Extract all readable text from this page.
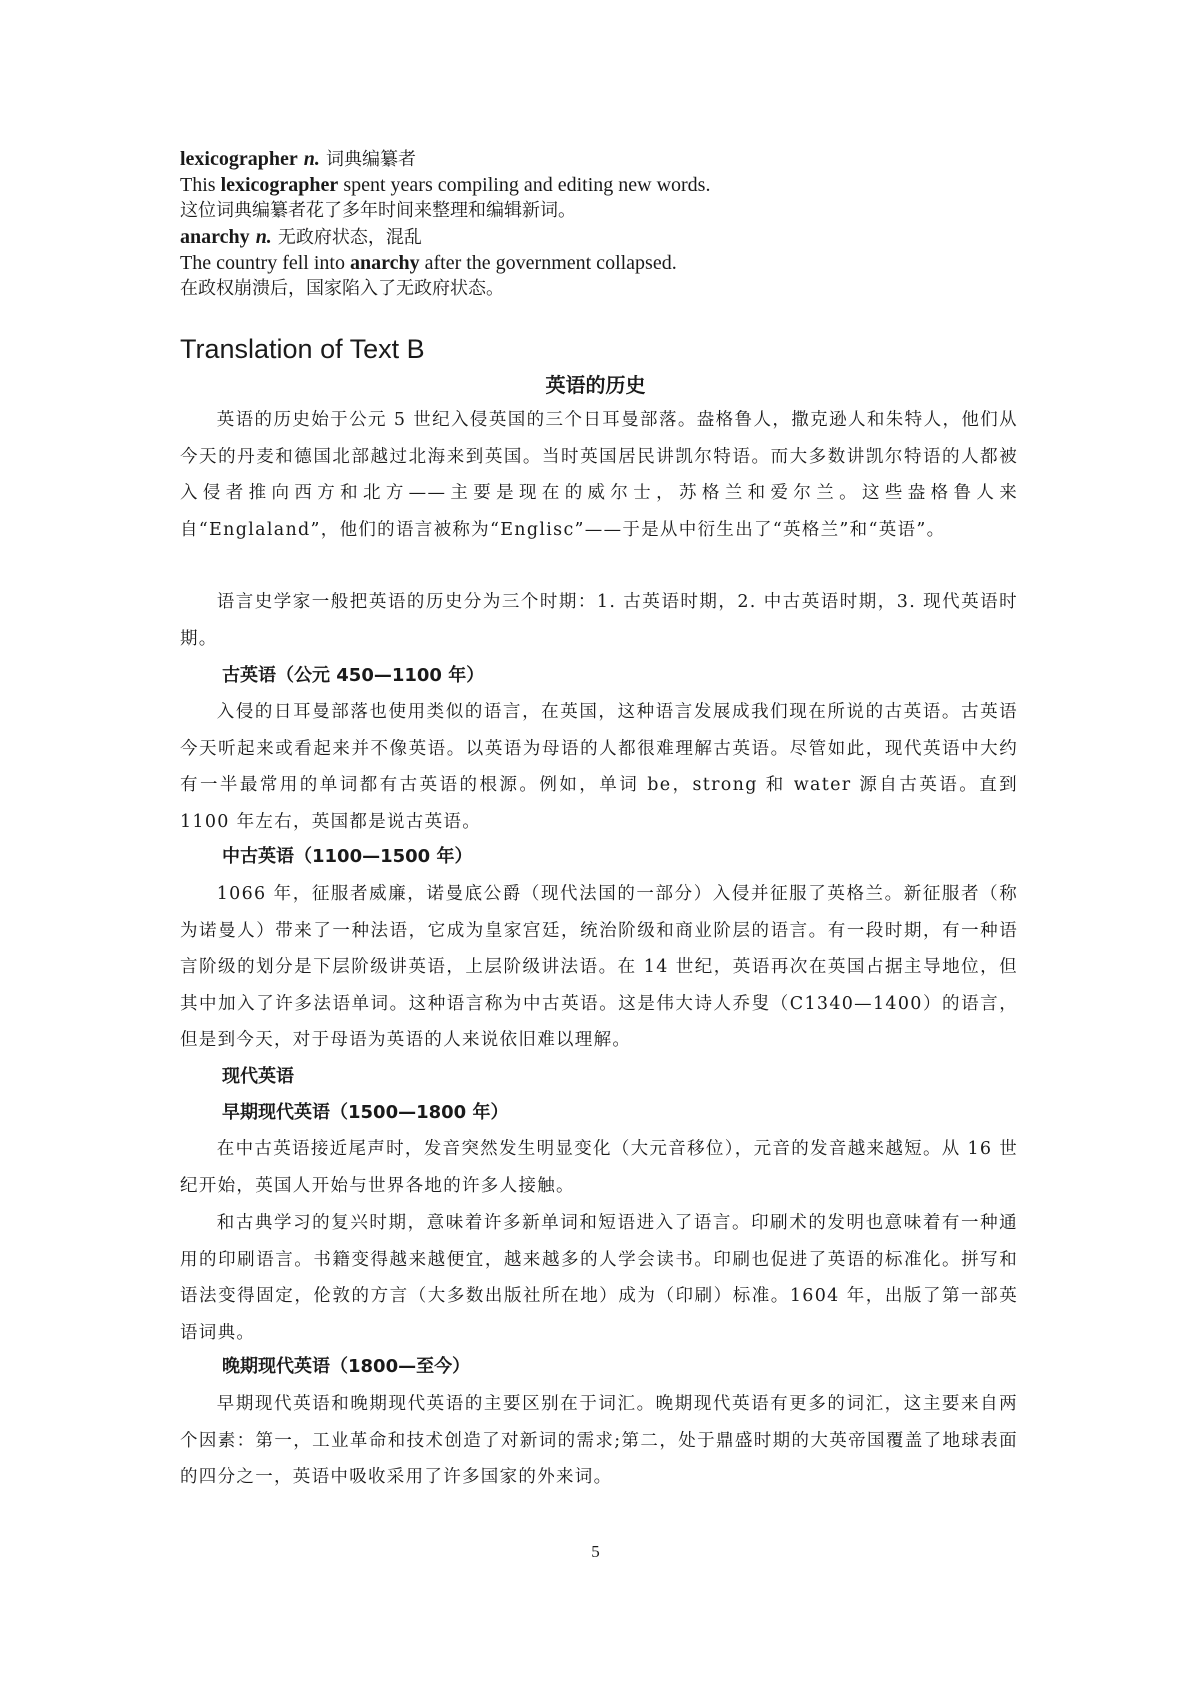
lexicographer n. 词典编纂者
This lexicographer spent years compiling and editing new words.
这位词典编纂者花了多年时间来整理和编辑新词。
anarchy n. 无政府状态，混乱
The country fell into anarchy after the government collapsed.
在政权崩溃后，国家陷入了无政府状态。
Translation of Text B
英语的历史
英语的历史始于公元 5 世纪入侵英国的三个日耳曼部落。盎格鲁人，撒克逊人和朱特人，他们从今天的丹麦和德国北部越过北海来到英国。当时英国居民讲凯尔特语。而大多数讲凯尔特语的人都被入侵者推向西方和北方——主要是现在的威尔士，苏格兰和爱尔兰。这些盎格鲁人来自“Englaland”，他们的语言被称为“Englisc”——于是从中衍生出了“英格兰”和“英语”。
语言史学家一般把英语的历史分为三个时期：1. 古英语时期，2. 中古英语时期，3. 现代英语时期。
古英语（公元 450—1100 年）
入侵的日耳曼部落也使用类似的语言，在英国，这种语言发展成我们现在所说的古英语。古英语今天听起来或看起来并不像英语。以英语为母语的人都很难理解古英语。尽管如此，现代英语中大约有一半最常用的单词都有古英语的根源。例如，单词 be，strong 和 water 源自古英语。直到 1100 年左右，英国都是说古英语。
中古英语（1100—1500 年）
1066 年，征服者威廉，诺曼底公爵（现代法国的一部分）入侵并征服了英格兰。新征服者（称为诺曼人）带来了一种法语，它成为皇家宫廷，统治阶级和商业阶层的语言。有一段时期，有一种语言阶级的划分是下层阶级讲英语，上层阶级讲法语。在 14 世纪，英语再次在英国占据主导地位，但其中加入了许多法语单词。这种语言称为中古英语。这是伟大诗人乔叟（C1340—1400）的语言，但是到今天，对于母语为英语的人来说依旧难以理解。
现代英语
早期现代英语（1500—1800 年）
在中古英语接近尾声时，发音突然发生明显变化（大元音移位），元音的发音越来越短。从 16 世纪开始，英国人开始与世界各地的许多人接触。
和古典学习的复兴时期，意味着许多新单词和短语进入了语言。印刷术的发明也意味着有一种通用的印刷语言。书籍变得越来越便宜，越来越多的人学会读书。印刷也促进了英语的标准化。拼写和语法变得固定，伦敦的方言（大多数出版社所在地）成为（印刷）标准。1604 年，出版了第一部英语词典。
晚期现代英语（1800—至今）
早期现代英语和晚期现代英语的主要区别在于词汇。晚期现代英语有更多的词汇，这主要来自两个因素：第一，工业革命和技术创造了对新词的需求;第二，处于鼎盛时期的大英帝国覆盖了地球表面的四分之一，英语中吸收采用了许多国家的外来词。
5
